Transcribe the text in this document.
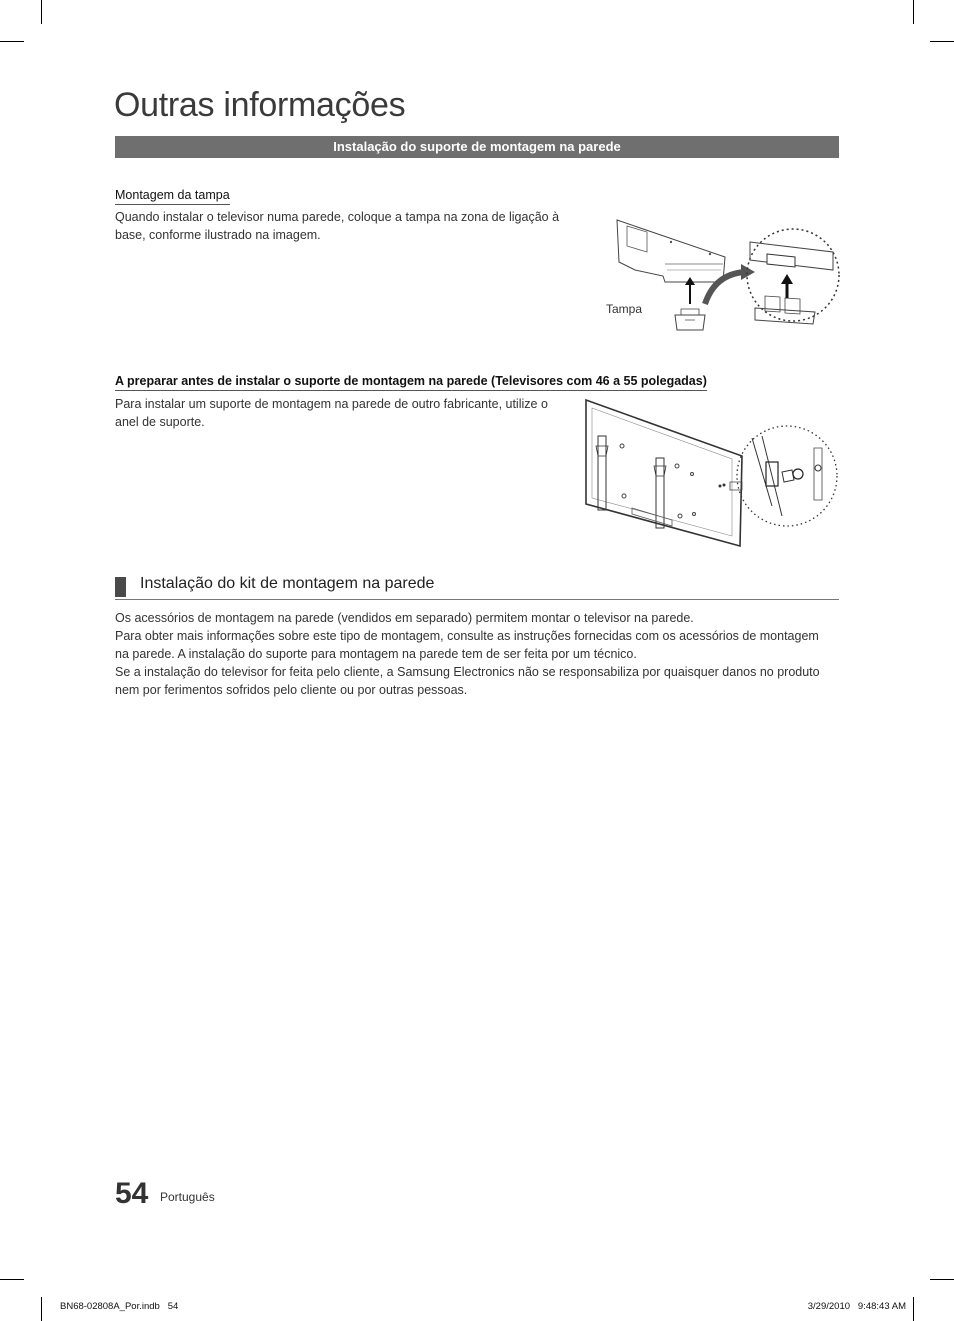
Outras informações
Instalação do suporte de montagem na parede
Montagem da tampa

Quando instalar o televisor numa parede, coloque a tampa na zona de ligação à base, conforme ilustrado na imagem.

Tampa
A preparar antes de instalar o suporte de montagem na parede (Televisores com 46 a 55 polegadas)

Para instalar um suporte de montagem na parede de outro fabricante, utilize o anel de suporte.

Instalação do kit de montagem na parede

Os acessórios de montagem na parede (vendidos em separado) permitem montar o televisor na parede.

Para obter mais informações sobre este tipo de montagem, consulte as instruções fornecidas com os acessórios de montagem na parede. A instalação do suporte para montagem na parede tem de ser feita por um técnico.

Se a instalação do televisor for feita pelo cliente, a Samsung Electronics não se responsabiliza por quaisquer danos no produto nem por ferimentos sofridos pelo cliente ou por outras pessoas.

54 Português
BN68-02808A_Por.indb   54	3/29/2010   9:48:43 AM
